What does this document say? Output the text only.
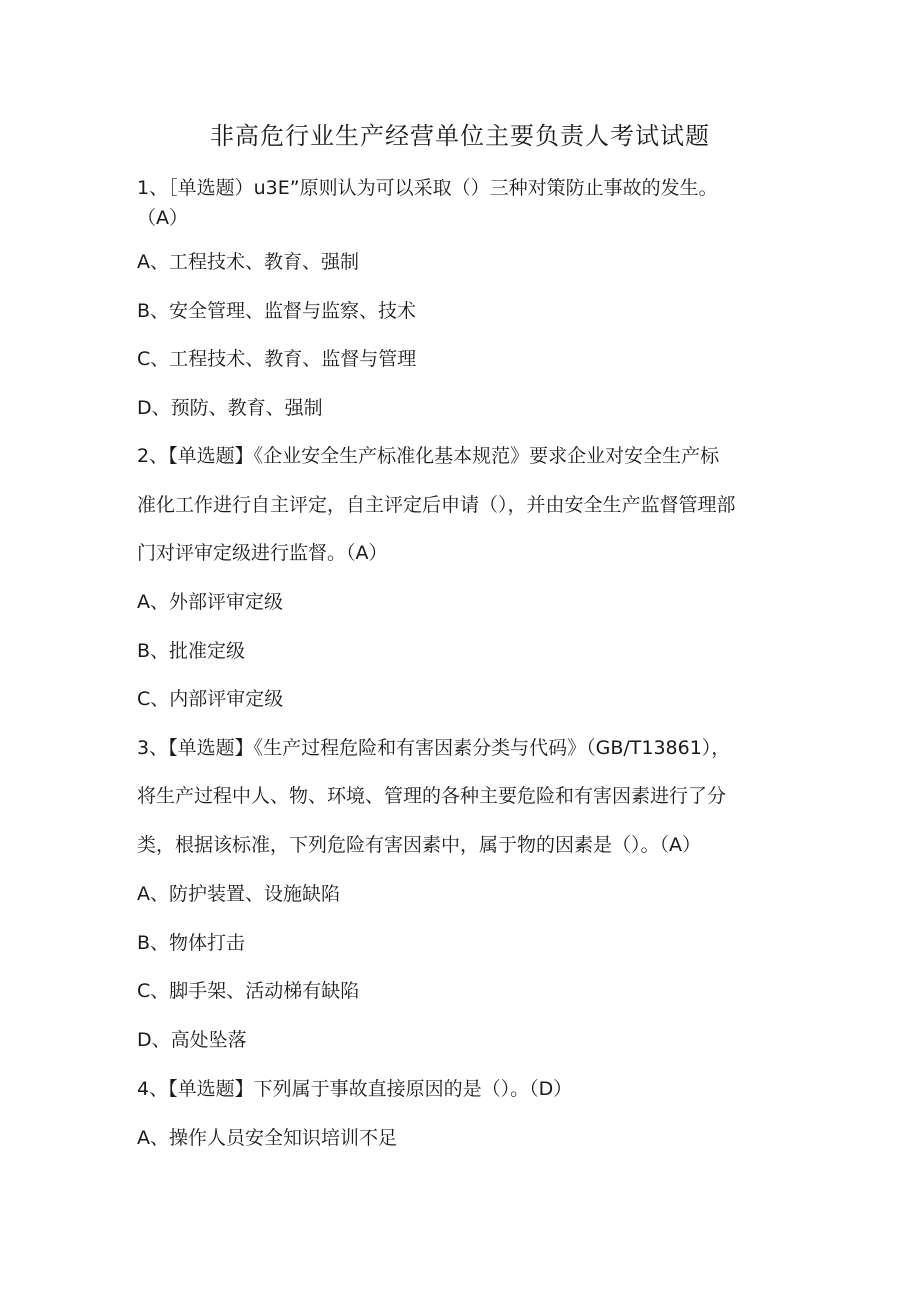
非高危行业生产经营单位主要负责人考试试题
1、［单选题）u3E”原则认为可以采取（）三种对策防止事故的发生。
（A）
A、工程技术、教育、强制
B、安全管理、监督与监察、技术
C、工程技术、教育、监督与管理
D、预防、教育、强制
2、【单选题】《企业安全生产标准化基本规范》要求企业对安全生产标
准化工作进行自主评定，自主评定后申请（），并由安全生产监督管理部
门对评审定级进行监督。（A）
A、外部评审定级
B、批准定级
C、内部评审定级
3、【单选题】《生产过程危险和有害因素分类与代码》（GB/T13861），
将生产过程中人、物、环境、管理的各种主要危险和有害因素进行了分
类，根据该标准，下列危险有害因素中，属于物的因素是（）。（A）
A、防护装置、设施缺陷
B、物体打击
C、脚手架、活动梯有缺陷
D、高处坠落
4、【单选题】下列属于事故直接原因的是（）。（D）
A、操作人员安全知识培训不足
